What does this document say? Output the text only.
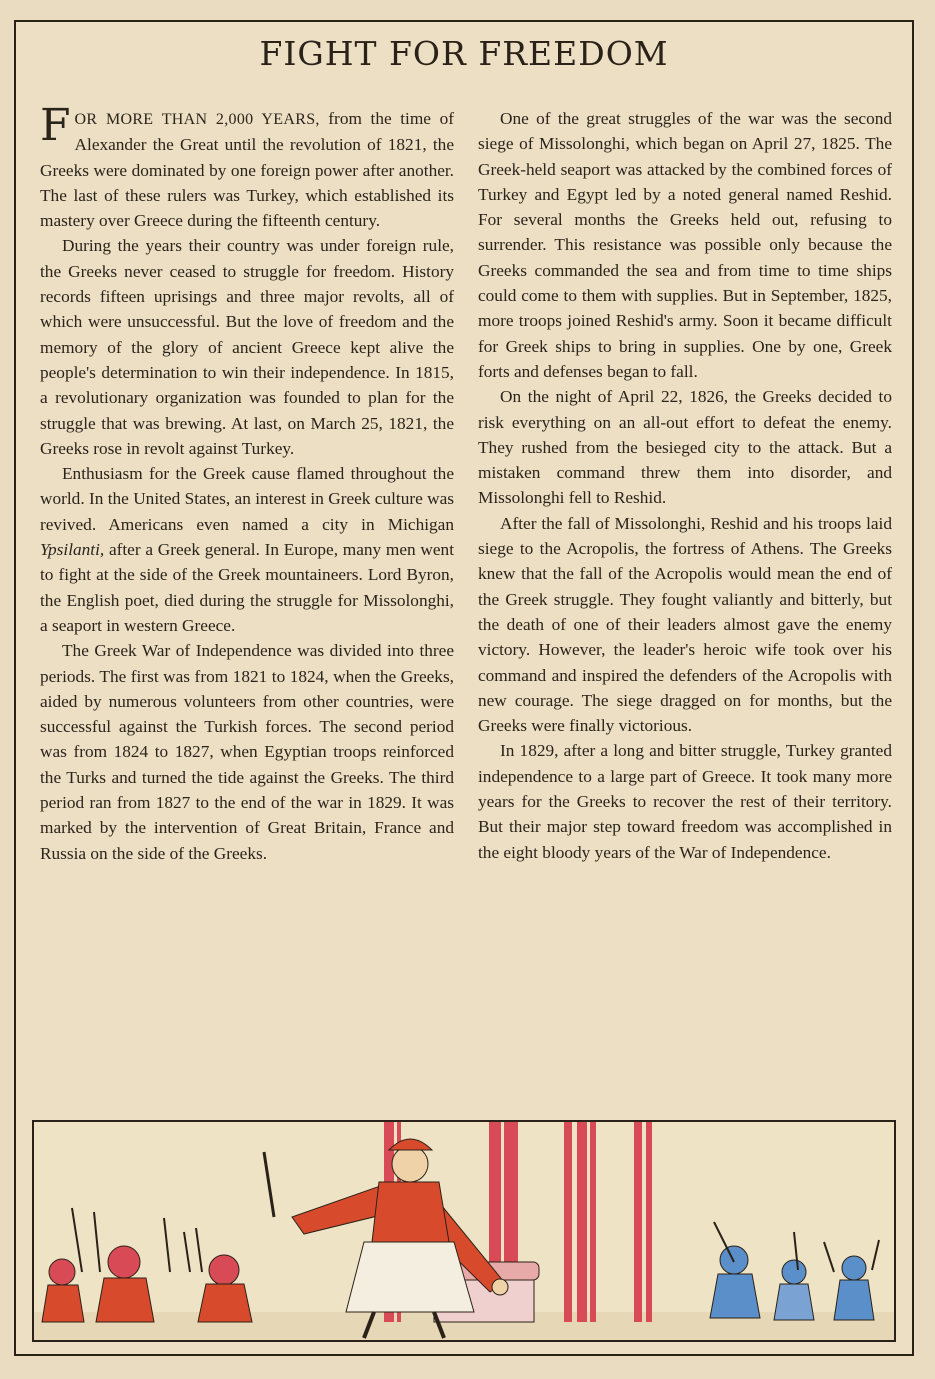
FIGHT FOR FREEDOM

FOR MORE THAN 2,000 YEARS, from the time of Alexander the Great until the revolution of 1821, the Greeks were dominated by one foreign power after another. The last of these rulers was Turkey, which established its mastery over Greece during the fifteenth century.

During the years their country was under foreign rule, the Greeks never ceased to struggle for freedom. History records fifteen uprisings and three major revolts, all of which were unsuccessful. But the love of freedom and the memory of the glory of ancient Greece kept alive the people's determination to win their independence. In 1815, a revolutionary organization was founded to plan for the struggle that was brewing. At last, on March 25, 1821, the Greeks rose in revolt against Turkey.

Enthusiasm for the Greek cause flamed throughout the world. In the United States, an interest in Greek culture was revived. Americans even named a city in Michigan Ypsilanti, after a Greek general. In Europe, many men went to fight at the side of the Greek mountaineers. Lord Byron, the English poet, died during the struggle for Missolonghi, a seaport in western Greece.

The Greek War of Independence was divided into three periods. The first was from 1821 to 1824, when the Greeks, aided by numerous volunteers from other countries, were successful against the Turkish forces. The second period was from 1824 to 1827, when Egyptian troops reinforced the Turks and turned the tide against the Greeks. The third period ran from 1827 to the end of the war in 1829. It was marked by the intervention of Great Britain, France and Russia on the side of the Greeks.

One of the great struggles of the war was the second siege of Missolonghi, which began on April 27, 1825. The Greek-held seaport was attacked by the combined forces of Turkey and Egypt led by a noted general named Reshid. For several months the Greeks held out, refusing to surrender. This resistance was possible only because the Greeks commanded the sea and from time to time ships could come to them with supplies. But in September, 1825, more troops joined Reshid's army. Soon it became difficult for Greek ships to bring in supplies. One by one, Greek forts and defenses began to fall.

On the night of April 22, 1826, the Greeks decided to risk everything on an all-out effort to defeat the enemy. They rushed from the besieged city to the attack. But a mistaken command threw them into disorder, and Missolonghi fell to Reshid.

After the fall of Missolonghi, Reshid and his troops laid siege to the Acropolis, the fortress of Athens. The Greeks knew that the fall of the Acropolis would mean the end of the Greek struggle. They fought valiantly and bitterly, but the death of one of their leaders almost gave the enemy victory. However, the leader's heroic wife took over his command and inspired the defenders of the Acropolis with new courage. The siege dragged on for months, but the Greeks were finally victorious.

In 1829, after a long and bitter struggle, Turkey granted independence to a large part of Greece. It took many more years for the Greeks to recover the rest of their territory. But their major step toward freedom was accomplished in the eight bloody years of the War of Independence.
